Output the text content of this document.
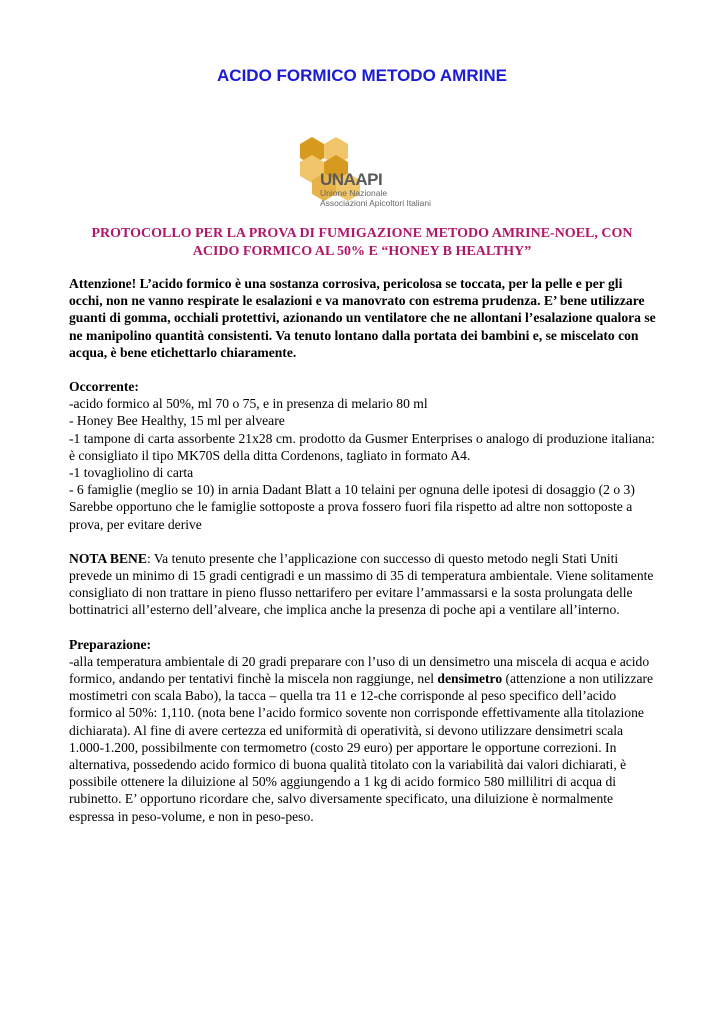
ACIDO FORMICO METODO AMRINE
UNAAPI
Unione Nazionale
Associazioni Apicoltori Italiani
PROTOCOLLO PER LA PROVA DI FUMIGAZIONE METODO AMRINE-NOEL, CON
ACIDO FORMICO AL 50% E “HONEY B HEALTHY”

Attenzione! L’acido formico è una sostanza corrosiva, pericolosa se toccata, per la pelle e per gli occhi, non ne vanno respirate le esalazioni e va manovrato con estrema prudenza. E’ bene utilizzare guanti di gomma, occhiali protettivi, azionando un ventilatore che ne allontani l’esalazione qualora se ne manipolino quantità consistenti. Va tenuto lontano dalla portata dei bambini e, se miscelato con acqua, è bene etichettarlo chiaramente.

Occorrente:

-acido formico al 50%, ml 70 o 75, e in presenza di melario 80 ml

- Honey Bee Healthy, 15 ml per alveare

-1 tampone di carta assorbente 21x28 cm. prodotto da Gusmer Enterprises o analogo di produzione italiana: è consigliato il tipo MK70S della ditta Cordenons, tagliato in formato A4.

-1 tovagliolino di carta

- 6 famiglie (meglio se 10) in arnia Dadant Blatt a 10 telaini per ognuna delle ipotesi di dosaggio (2 o 3)

Sarebbe opportuno che le famiglie sottoposte a prova fossero fuori fila rispetto ad altre non sottoposte a prova, per evitare derive

NOTA BENE: Va tenuto presente che l’applicazione con successo di questo metodo negli Stati Uniti prevede un minimo di 15 gradi centigradi e un massimo di 35 di temperatura ambientale. Viene solitamente consigliato di non trattare in pieno flusso nettarifero per evitare l’ammassarsi e la sosta prolungata delle bottinatrici all’esterno dell’alveare, che implica anche la presenza di poche api a ventilare all’interno.

Preparazione:

-alla temperatura ambientale di 20 gradi preparare con l’uso di un densimetro una miscela di acqua e acido formico, andando per tentativi finchè la miscela non raggiunge, nel densimetro (attenzione a non utilizzare mostimetri con scala Babo), la tacca – quella tra 11 e 12-che corrisponde al peso specifico dell’acido formico al 50%: 1,110. (nota bene l’acido formico sovente non corrisponde effettivamente alla titolazione dichiarata). Al fine di avere certezza ed uniformità di operatività, si devono utilizzare densimetri scala 1.000-1.200, possibilmente con termometro (costo 29 euro) per apportare le opportune correzioni. In alternativa, possedendo acido formico di buona qualità titolato con la variabilità dai valori dichiarati, è possibile ottenere la diluizione al 50% aggiungendo a 1 kg di acido formico 580 millilitri di acqua di rubinetto. E’ opportuno ricordare che, salvo diversamente specificato, una diluizione è normalmente espressa in peso-volume, e non in peso-peso.
